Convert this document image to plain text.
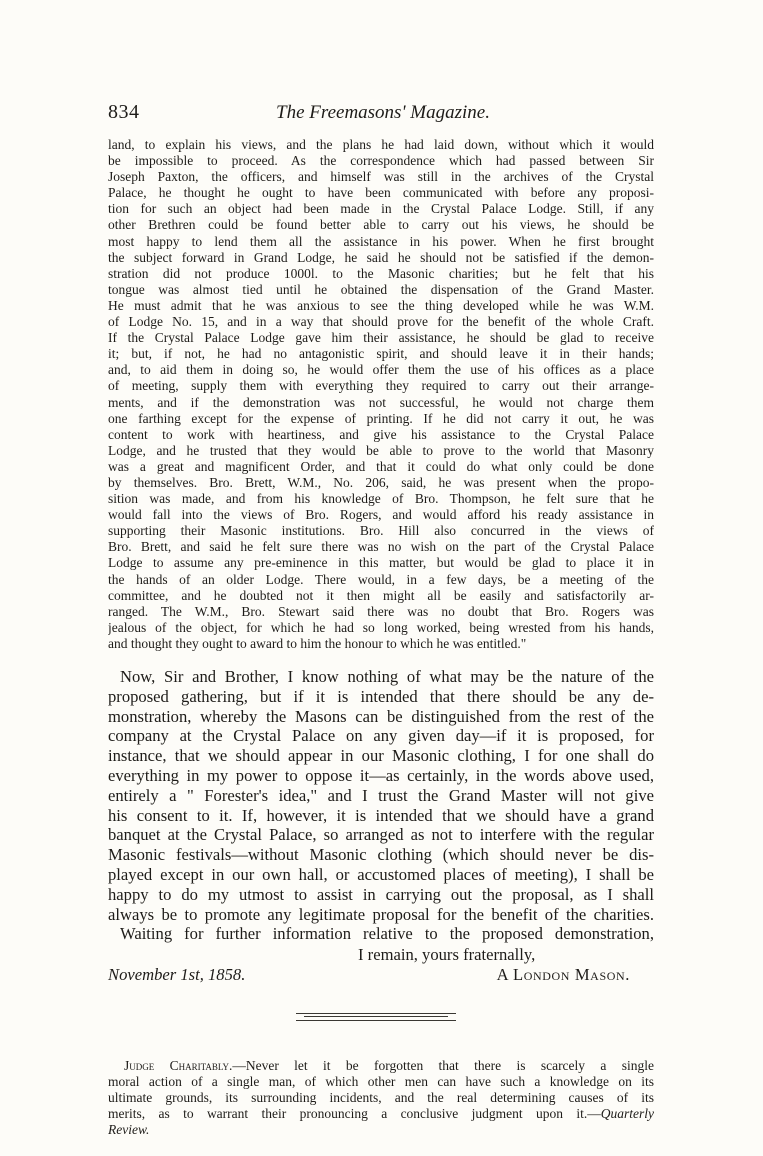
834	The Freemasons' Magazine.
land, to explain his views, and the plans he had laid down, without which it would
be impossible to proceed. As the correspondence which had passed between Sir
Joseph Paxton, the officers, and himself was still in the archives of the Crystal
Palace, he thought he ought to have been communicated with before any proposi-
tion for such an object had been made in the Crystal Palace Lodge. Still, if any
other Brethren could be found better able to carry out his views, he should be
most happy to lend them all the assistance in his power. When he first brought
the subject forward in Grand Lodge, he said he should not be satisfied if the demon-
stration did not produce 1000l. to the Masonic charities; but he felt that his
tongue was almost tied until he obtained the dispensation of the Grand Master.
He must admit that he was anxious to see the thing developed while he was W.M.
of Lodge No. 15, and in a way that should prove for the benefit of the whole Craft.
If the Crystal Palace Lodge gave him their assistance, he should be glad to receive
it; but, if not, he had no antagonistic spirit, and should leave it in their hands;
and, to aid them in doing so, he would offer them the use of his offices as a place
of meeting, supply them with everything they required to carry out their arrange-
ments, and if the demonstration was not successful, he would not charge them
one farthing except for the expense of printing. If he did not carry it out, he was
content to work with heartiness, and give his assistance to the Crystal Palace
Lodge, and he trusted that they would be able to prove to the world that Masonry
was a great and magnificent Order, and that it could do what only could be done
by themselves. Bro. Brett, W.M., No. 206, said, he was present when the propo-
sition was made, and from his knowledge of Bro. Thompson, he felt sure that he
would fall into the views of Bro. Rogers, and would afford his ready assistance in
supporting their Masonic institutions. Bro. Hill also concurred in the views of
Bro. Brett, and said he felt sure there was no wish on the part of the Crystal Palace
Lodge to assume any pre-eminence in this matter, but would be glad to place it in
the hands of an older Lodge. There would, in a few days, be a meeting of the
committee, and he doubted not it then might all be easily and satisfactorily ar-
ranged. The W.M., Bro. Stewart said there was no doubt that Bro. Rogers was
jealous of the object, for which he had so long worked, being wrested from his hands,
and thought they ought to award to him the honour to which he was entitled."
Now, Sir and Brother, I know nothing of what may be the nature of the
proposed gathering, but if it is intended that there should be any de-
monstration, whereby the Masons can be distinguished from the rest of the
company at the Crystal Palace on any given day—if it is proposed, for
instance, that we should appear in our Masonic clothing, I for one shall do
everything in my power to oppose it—as certainly, in the words above used,
entirely a " Forester's idea," and I trust the Grand Master will not give
his consent to it. If, however, it is intended that we should have a grand
banquet at the Crystal Palace, so arranged as not to interfere with the regular
Masonic festivals—without Masonic clothing (which should never be dis-
played except in our own hall, or accustomed places of meeting), I shall be
happy to do my utmost to assist in carrying out the proposal, as I shall
always be to promote any legitimate proposal for the benefit of the charities.
Waiting for further information relative to the proposed demonstration,
I remain, yours fraternally,
November 1st, 1858.	A London Mason.
Judge Charitably.—Never let it be forgotten that there is scarcely a single
moral action of a single man, of which other men can have such a knowledge on its
ultimate grounds, its surrounding incidents, and the real determining causes of its
merits, as to warrant their pronouncing a conclusive judgment upon it.—Quarterly
Review.
